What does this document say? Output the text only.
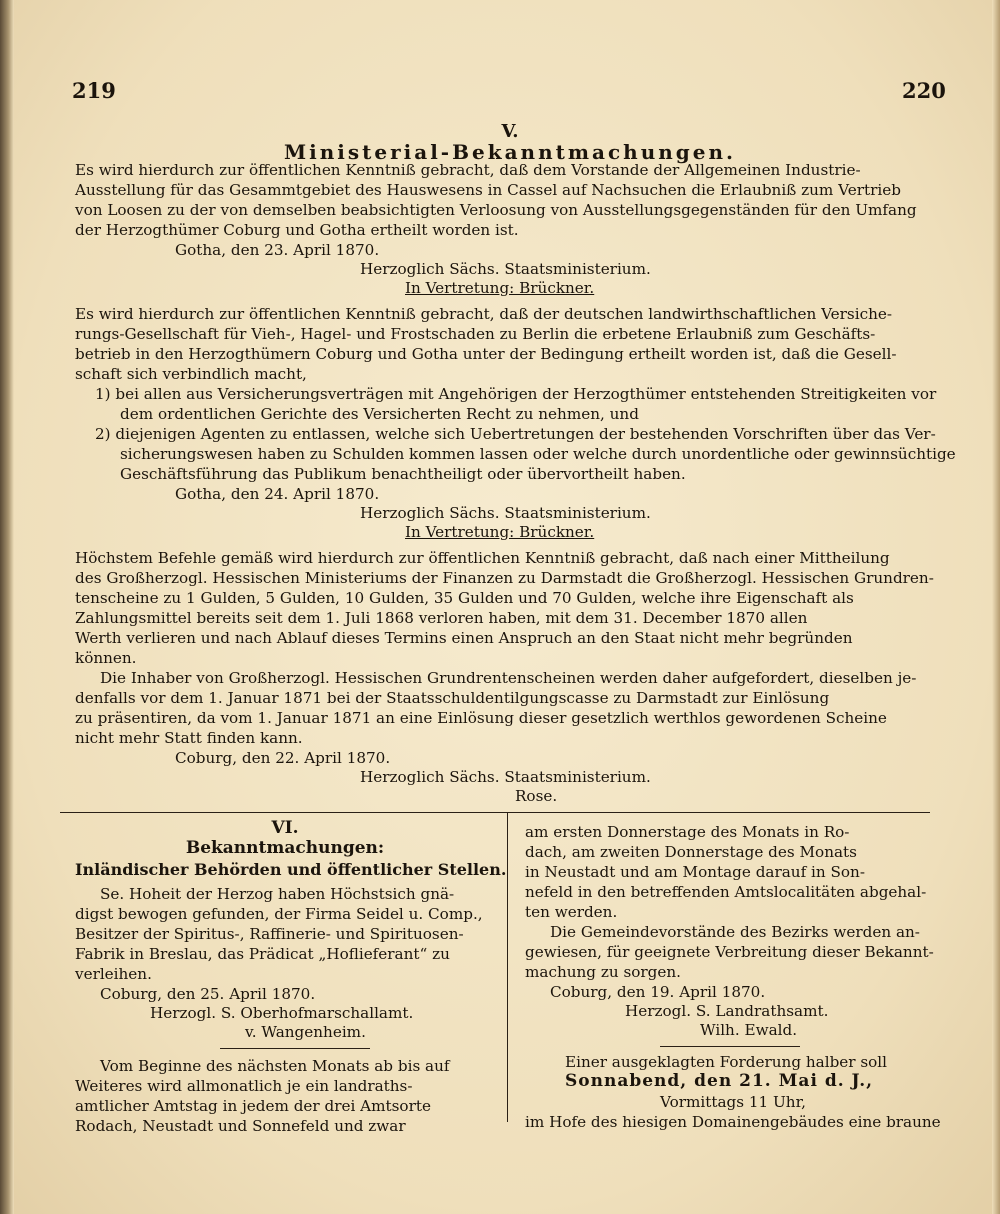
219	220
V.
Ministerial-Bekanntmachungen.
Es wird hierdurch zur öffentlichen Kenntniß gebracht, daß dem Vorstande der Allgemeinen Industrie-
Ausstellung für das Gesammtgebiet des Hauswesens in Cassel auf Nachsuchen die Erlaubniß zum Vertrieb
von Loosen zu der von demselben beabsichtigten Verloosung von Ausstellungsgegenständen für den Umfang
der Herzogthümer Coburg und Gotha ertheilt worden ist.
Gotha, den 23. April 1870.
Herzoglich Sächs. Staatsministerium.
In Vertretung: Brückner.
Es wird hierdurch zur öffentlichen Kenntniß gebracht, daß der deutschen landwirthschaftlichen Versiche-
rungs-Gesellschaft für Vieh-, Hagel- und Frostschaden zu Berlin die erbetene Erlaubniß zum Geschäfts-
betrieb in den Herzogthümern Coburg und Gotha unter der Bedingung ertheilt worden ist, daß die Gesell-
schaft sich verbindlich macht,
1) bei allen aus Versicherungsverträgen mit Angehörigen der Herzogthümer entstehenden Streitigkeiten vor
dem ordentlichen Gerichte des Versicherten Recht zu nehmen, und
2) diejenigen Agenten zu entlassen, welche sich Uebertretungen der bestehenden Vorschriften über das Ver-
sicherungswesen haben zu Schulden kommen lassen oder welche durch unordentliche oder gewinnsüchtige
Geschäftsführung das Publikum benachtheiligt oder übervortheilt haben.
Gotha, den 24. April 1870.
Herzoglich Sächs. Staatsministerium.
In Vertretung: Brückner.
Höchstem Befehle gemäß wird hierdurch zur öffentlichen Kenntniß gebracht, daß nach einer Mittheilung
des Großherzogl. Hessischen Ministeriums der Finanzen zu Darmstadt die Großherzogl. Hessischen Grundren-
tenscheine zu 1 Gulden, 5 Gulden, 10 Gulden, 35 Gulden und 70 Gulden, welche ihre Eigenschaft als
Zahlungsmittel bereits seit dem 1. Juli 1868 verloren haben, mit dem 31. December 1870 allen
Werth verlieren und nach Ablauf dieses Termins einen Anspruch an den Staat nicht mehr begründen
können.
Die Inhaber von Großherzogl. Hessischen Grundrentenscheinen werden daher aufgefordert, dieselben je-
denfalls vor dem 1. Januar 1871 bei der Staatsschuldentilgungscasse zu Darmstadt zur Einlösung
zu präsentiren, da vom 1. Januar 1871 an eine Einlösung dieser gesetzlich werthlos gewordenen Scheine
nicht mehr Statt finden kann.
Coburg, den 22. April 1870.
Herzoglich Sächs. Staatsministerium.
Rose.
VI.
Bekanntmachungen:
Inländischer Behörden und öffentlicher Stellen.
Se. Hoheit der Herzog haben Höchstsich gnä-
digst bewogen gefunden, der Firma Seidel u. Comp.,
Besitzer der Spiritus-, Raffinerie- und Spirituosen-
Fabrik in Breslau, das Prädicat „Hoflieferant“ zu
verleihen.
Coburg, den 25. April 1870.
Herzogl. S. Oberhofmarschallamt.
v. Wangenheim.
Vom Beginne des nächsten Monats ab bis auf
Weiteres wird allmonatlich je ein landraths-
amtlicher Amtstag in jedem der drei Amtsorte
Rodach, Neustadt und Sonnefeld und zwar
am ersten Donnerstage des Monats in Ro-
dach, am zweiten Donnerstage des Monats
in Neustadt und am Montage darauf in Son-
nefeld in den betreffenden Amtslocalitäten abgehal-
ten werden.
Die Gemeindevorstände des Bezirks werden an-
gewiesen, für geeignete Verbreitung dieser Bekannt-
machung zu sorgen.
Coburg, den 19. April 1870.
Herzogl. S. Landrathsamt.
Wilh. Ewald.
Einer ausgeklagten Forderung halber soll
Sonnabend, den 21. Mai d. J.,
Vormittags 11 Uhr,
im Hofe des hiesigen Domainengebäudes eine braune
